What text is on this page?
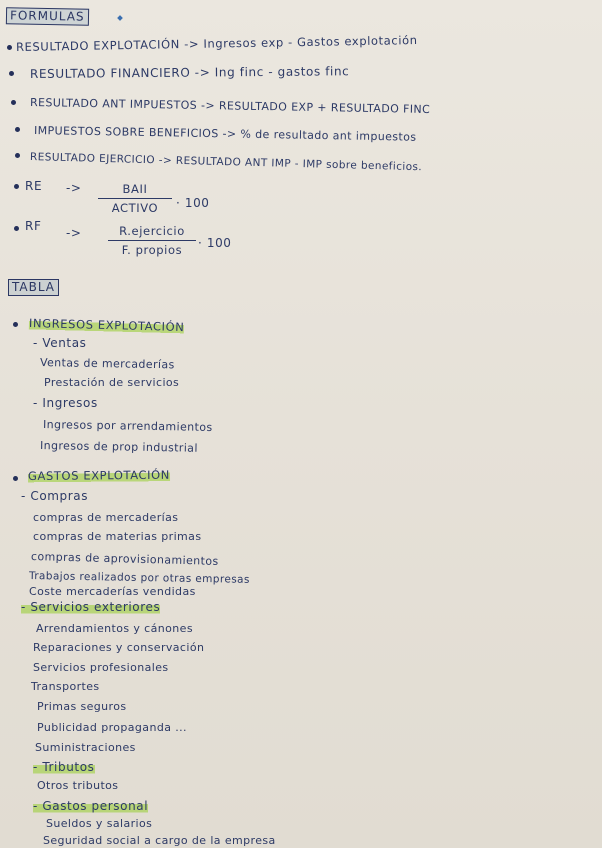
FORMULAS
RESULTADO EXPLOTACIÓN -> Ingresos exp - Gastos explotación
RESULTADO FINANCIERO -> Ing finc - gastos finc
RESULTADO ANT IMPUESTOS -> RESULTADO EXP + RESULTADO FINC
IMPUESTOS SOBRE BENEFICIOS -> % de resultado ant impuestos
RESULTADO EJERCICIO -> RESULTADO ANT IMP - IMP sobre beneficios.
RE ->	BAII
ACTIVO	· 100
RF ->	R.ejercicio
F. propios	· 100
TABLA
INGRESOS EXPLOTACIÓN
- Ventas
Ventas de mercaderías
Prestación de servicios
- Ingresos
Ingresos por arrendamientos
Ingresos de prop industrial
GASTOS EXPLOTACIÓN
- Compras
compras de mercaderías
compras de materias primas
compras de aprovisionamientos
Trabajos realizados por otras empresas
Coste mercaderías vendidas
- Servicios exteriores
Arrendamientos y cánones
Reparaciones y conservación
Servicios profesionales
Transportes
Primas seguros
Publicidad propaganda ...
Suministraciones
- Tributos
Otros tributos
- Gastos personal
Sueldos y salarios
Seguridad social a cargo de la empresa
